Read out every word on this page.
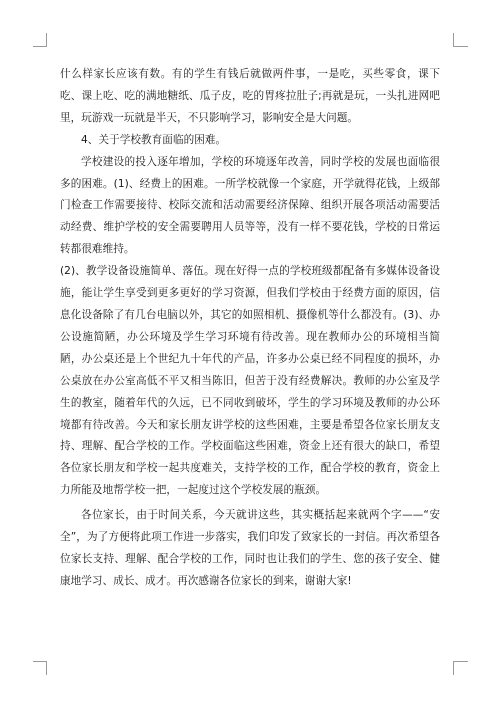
什么样家长应该有数。有的学生有钱后就做两件事，一是吃，买些零食，课下吃、课上吃、吃的满地糖纸、瓜子皮，吃的胃疼拉肚子;再就是玩，一头扎进网吧里，玩游戏一玩就是半天，不只影响学习，影响安全是大问题。

4、关于学校教育面临的困难。

学校建设的投入逐年增加，学校的环境逐年改善，同时学校的发展也面临很多的困难。(1)、经费上的困难。一所学校就像一个家庭，开学就得花钱，上级部门检查工作需要接待、校际交流和活动需要经济保障、组织开展各项活动需要活动经费、维护学校的安全需要聘用人员等等，没有一样不要花钱，学校的日常运转都很难维持。

(2)、教学设备设施简单、落伍。现在好得一点的学校班级都配备有多媒体设备设施，能让学生享受到更多更好的学习资源，但我们学校由于经费方面的原因，信息化设备除了有几台电脑以外，其它的如照相机、摄像机等什么都没有。(3)、办公设施简陋，办公环境及学生学习环境有待改善。现在教师办公的环境相当简陋，办公桌还是上个世纪九十年代的产品，许多办公桌已经不同程度的损坏，办公桌放在办公室高低不平又相当陈旧，但苦于没有经费解决。教师的办公室及学生的教室，随着年代的久远，已不同收到破坏，学生的学习环境及教师的办公环境都有待改善。今天和家长朋友讲学校的这些困难，主要是希望各位家长朋友支持、理解、配合学校的工作。学校面临这些困难，资金上还有很大的缺口，希望各位家长朋友和学校一起共度难关，支持学校的工作，配合学校的教育，资金上力所能及地帮学校一把，一起度过这个学校发展的瓶颈。

各位家长，由于时间关系，今天就讲这些，其实概括起来就两个字——“安全”，为了方便将此项工作进一步落实，我们印发了致家长的一封信。再次希望各位家长支持、理解、配合学校的工作，同时也让我们的学生、您的孩子安全、健康地学习、成长、成才。再次感谢各位家长的到来，谢谢大家!
